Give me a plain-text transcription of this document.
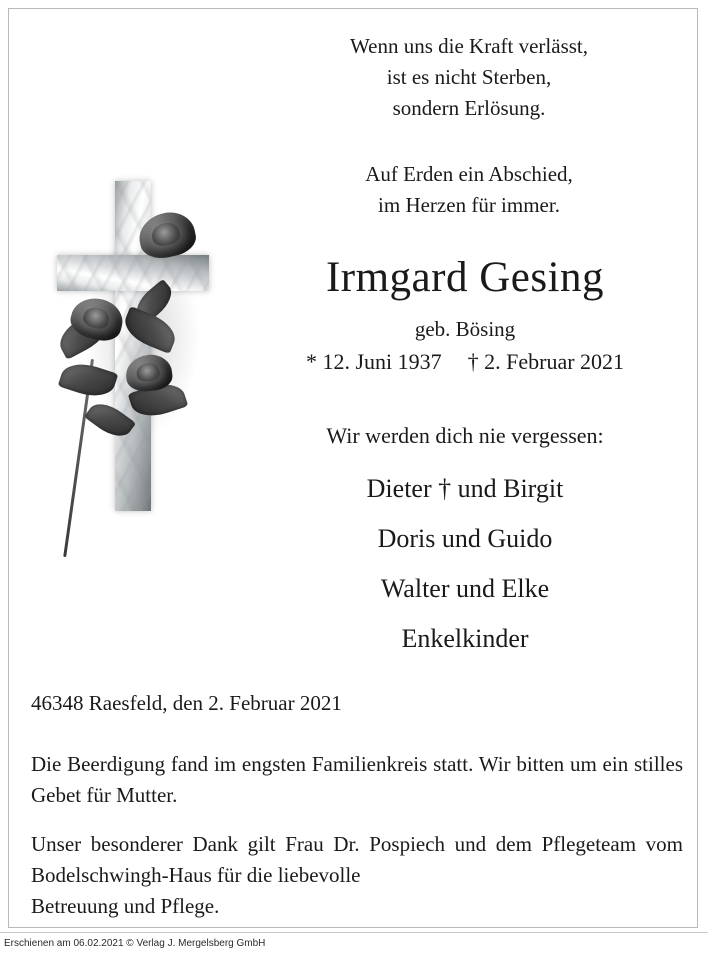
Wenn uns die Kraft verlässt,
ist es nicht Sterben,
sondern Erlösung.
Auf Erden ein Abschied,
im Herzen für immer.
Irmgard Gesing
geb. Bösing
* 12. Juni 1937 † 2. Februar 2021
Wir werden dich nie vergessen:
Dieter † und Birgit
Doris und Guido
Walter und Elke
Enkelkinder
46348 Raesfeld, den 2. Februar 2021
Die Beerdigung fand im engsten Familienkreis statt. Wir bitten um ein stilles Gebet für Mutter.
Unser besonderer Dank gilt Frau Dr. Pospiech und dem Pflegeteam vom Bodelschwingh-Haus für die liebevolle
Betreuung und Pflege.
Erschienen am 06.02.2021 © Verlag J. Mergelsberg GmbH
